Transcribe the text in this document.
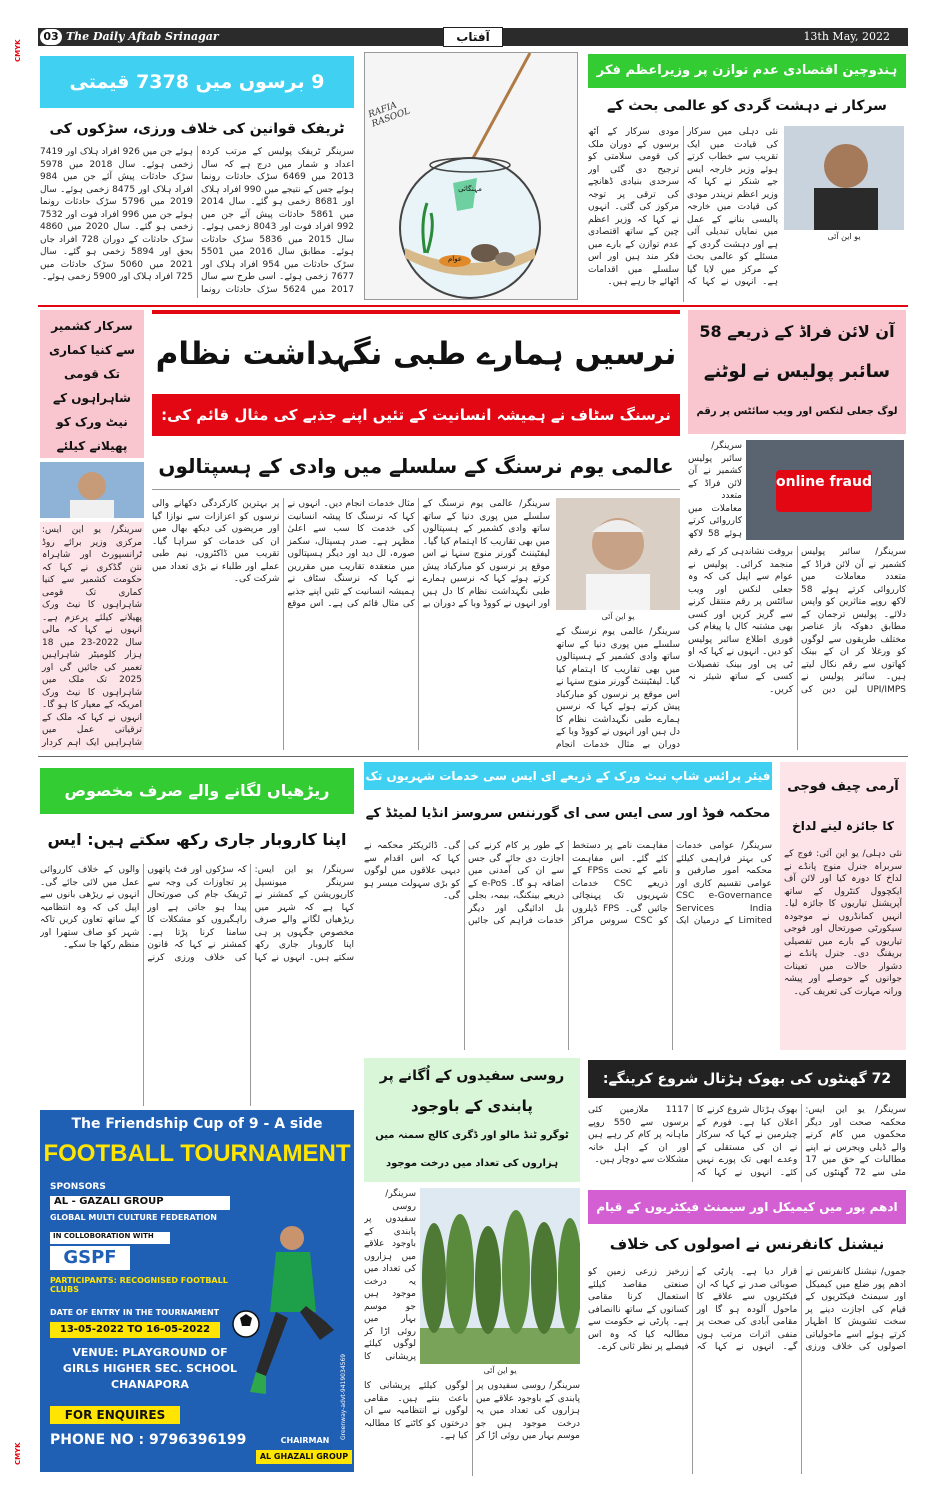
03 The Daily Aftab Srinagar	آفتاب	13th May, 2022
CMYK
CMYK
9 برسوں میں 7378 قیمتی
ٹریفک قوانین کی خلاف ورزی، سڑکوں کی
سرینگر ٹریفک پولیس کے مرتب کردہ اعداد و شمار میں درج ہے کہ سال 2013 میں 6469 سڑک حادثات رونما ہوئے جس کے نتیجے میں 990 افراد ہلاک اور 8681 زخمی ہو گئے۔ سال 2014 میں 5861 حادثات پیش آئے جن میں 992 افراد فوت اور 8043 زخمی ہوئے۔ سال 2015 میں 5836 سڑک حادثات ہوئے۔ مطابق سال 2016 میں 5501 سڑک حادثات میں 954 افراد ہلاک اور 7677 زخمی ہوئے۔ اسی طرح سے سال 2017 میں 5624 سڑک حادثات رونما ہوئے جن میں 926 افراد ہلاک اور 7419 زخمی ہوئے۔ سال 2018 میں 5978 سڑک حادثات پیش آئے جن میں 984 افراد ہلاک اور 8475 زخمی ہوئے۔ سال 2019 میں 5796 سڑک حادثات رونما ہوئے جن میں 996 افراد فوت اور 7532 زخمی ہو گئے۔ سال 2020 میں 4860 سڑک حادثات کے دوران 728 افراد جاں بحق اور 5894 زخمی ہو گئے۔ سال 2021 میں 5060 سڑک حادثات میں 725 افراد ہلاک اور 5900 زخمی ہوئے۔
RAFIA RASOOL
مہنگائی
عوام
ہندوچین اقتصادی عدم توازن پر وزیراعظم فکر
سرکار نے دہشت گردی کو عالمی بحث کے
نئی دہلی میں سرکار کی قیادت میں ایک تقریب سے خطاب کرتے ہوئے وزیر خارجہ ایس جے شنکر نے کہا کہ وزیر اعظم نریندر مودی کی قیادت میں خارجہ پالیسی بنانے کے عمل میں نمایاں تبدیلی آئی ہے اور دہشت گردی کے مسئلے کو عالمی بحث کے مرکز میں لایا گیا ہے۔ انہوں نے کہا کہ مودی سرکار کے آٹھ برسوں کے دوران ملک کی قومی سلامتی کو ترجیح دی گئی اور سرحدی بنیادی ڈھانچے کی ترقی پر توجہ مرکوز کی گئی۔ انہوں نے کہا کہ وزیر اعظم چین کے ساتھ اقتصادی عدم توازن کے بارے میں فکر مند ہیں اور اس سلسلے میں اقدامات اٹھائے جا رہے ہیں۔
یو این آئی
سرکار کشمیر سے کنیا کماری تک قومی شاہراہوں کے نیٹ ورک کو پھیلانے کیلئے
سرینگر/ یو این ایس: مرکزی وزیر برائے روڈ ٹرانسپورٹ اور شاہراہ نتن گڈکری نے کہا کہ حکومت کشمیر سے کنیا کماری تک قومی شاہراہوں کا نیٹ ورک پھیلانے کیلئے پرعزم ہے۔ انہوں نے کہا کہ مالی سال 2022-23 میں 18 ہزار کلومیٹر شاہراہیں تعمیر کی جائیں گی اور 2025 تک ملک میں شاہراہوں کا نیٹ ورک امریکہ کے معیار کا ہو گا۔ انہوں نے کہا کہ ملک کے ترقیاتی عمل میں شاہراہیں ایک اہم کردار
نرسیں ہمارے طبی نگہداشت نظام
نرسنگ سٹاف نے ہمیشہ انسانیت کے تئیں اپنے جذبے کی مثال قائم کی:
عالمی یوم نرسنگ کے سلسلے میں وادی کے ہسپتالوں
سرینگر/ عالمی یوم نرسنگ کے سلسلے میں پوری دنیا کے ساتھ ساتھ وادی کشمیر کے ہسپتالوں میں بھی تقاریب کا اہتمام کیا گیا۔ لیفٹیننٹ گورنر منوج سنہا نے اس موقع پر نرسوں کو مبارکباد پیش کرتے ہوئے کہا کہ نرسیں ہمارے طبی نگہداشت نظام کا دل ہیں اور انہوں نے کووڈ وبا کے دوران بے مثال خدمات انجام دیں۔ انہوں نے کہا کہ نرسنگ کا پیشہ انسانیت کی خدمت کا سب سے اعلیٰ مظہر ہے۔ صدر ہسپتال، سکمز صورہ، لل دید اور دیگر ہسپتالوں میں منعقدہ تقاریب میں مقررین نے کہا کہ نرسنگ سٹاف نے ہمیشہ انسانیت کے تئیں اپنے جذبے کی مثال قائم کی ہے۔ اس موقع پر بہترین کارکردگی دکھانے والی نرسوں کو اعزازات سے نوازا گیا اور مریضوں کی دیکھ بھال میں ان کی خدمات کو سراہا گیا۔ تقریب میں ڈاکٹروں، نیم طبی عملے اور طلباء نے بڑی تعداد میں شرکت کی۔
یو این آئی
سرینگر/ عالمی یوم نرسنگ کے سلسلے میں پوری دنیا کے ساتھ ساتھ وادی کشمیر کے ہسپتالوں میں بھی تقاریب کا اہتمام کیا گیا۔ لیفٹیننٹ گورنر منوج سنہا نے اس موقع پر نرسوں کو مبارکباد پیش کرتے ہوئے کہا کہ نرسیں ہمارے طبی نگہداشت نظام کا دل ہیں اور انہوں نے کووڈ وبا کے دوران بے مثال خدمات انجام
آن لائن فراڈ کے ذریعے 58
سائبر پولیس نے لوٹنے
لوگ جعلی لنکس اور ویب سائٹس پر رقم
online fraud
سرینگر/ سائبر پولیس کشمیر نے آن لائن فراڈ کے متعدد معاملات میں کارروائی کرتے ہوئے 58 لاکھ
سرینگر/ سائبر پولیس کشمیر نے آن لائن فراڈ کے متعدد معاملات میں کارروائی کرتے ہوئے 58 لاکھ روپے متاثرین کو واپس دلائے۔ پولیس ترجمان کے مطابق دھوکہ باز عناصر مختلف طریقوں سے لوگوں کو ورغلا کر ان کے بینک کھاتوں سے رقم نکال لیتے ہیں۔ سائبر پولیس نے UPI/IMPS لین دین کی بروقت نشاندہی کر کے رقم منجمد کرائی۔ پولیس نے عوام سے اپیل کی کہ وہ جعلی لنکس اور ویب سائٹس پر رقم منتقل کرنے سے گریز کریں اور کسی بھی مشتبہ کال یا پیغام کی فوری اطلاع سائبر پولیس کو دیں۔ انہوں نے کہا کہ او ٹی پی اور بینک تفصیلات کسی کے ساتھ شیئر نہ کریں۔
ریڑھیاں لگانے والے صرف مخصوص
اپنا کاروبار جاری رکھ سکتے ہیں: ایس
سرینگر/ یو این ایس: سرینگر میونسپل کارپوریشن کے کمشنر نے کہا ہے کہ شہر میں ریڑھیاں لگانے والے صرف مخصوص جگہوں پر ہی اپنا کاروبار جاری رکھ سکتے ہیں۔ انہوں نے کہا کہ سڑکوں اور فٹ پاتھوں پر تجاوزات کی وجہ سے ٹریفک جام کی صورتحال پیدا ہو جاتی ہے اور راہگیروں کو مشکلات کا سامنا کرنا پڑتا ہے۔ کمشنر نے کہا کہ قانون کی خلاف ورزی کرنے والوں کے خلاف کارروائی عمل میں لائی جائے گی۔ انہوں نے ریڑھی بانوں سے اپیل کی کہ وہ انتظامیہ کے ساتھ تعاون کریں تاکہ شہر کو صاف ستھرا اور منظم رکھا جا سکے۔
فیئر پرائس شاپ نیٹ ورک کے ذریعے ای ایس سی خدمات شہریوں تک
محکمہ فوڈ اور سی ایس سی ای گورننس سروسز انڈیا لمیٹڈ کے
سرینگر/ عوامی خدمات کی بہتر فراہمی کیلئے محکمہ امور صارفین و عوامی تقسیم کاری اور CSC e-Governance Services India Limited کے درمیان ایک مفاہمت نامے پر دستخط کئے گئے۔ اس مفاہمت نامے کے تحت FPSs کے ذریعے CSC خدمات شہریوں تک پہنچائی جائیں گی۔ FPS ڈیلروں کو CSC سروس مراکز کے طور پر کام کرنے کی اجازت دی جائے گی جس سے ان کی آمدنی میں اضافہ ہو گا۔ e-PoS کے ذریعے بینکنگ، بیمہ، بجلی بل ادائیگی اور دیگر خدمات فراہم کی جائیں گی۔ ڈائریکٹر محکمہ نے کہا کہ اس اقدام سے دیہی علاقوں میں لوگوں کو بڑی سہولت میسر ہو گی۔
آرمی چیف فوجی
کا جائزہ لینے لداخ
نئی دہلی/ یو این آئی: فوج کے سربراہ جنرل منوج پانڈے نے لداخ کا دورہ کیا اور لائن آف ایکچوول کنٹرول کے ساتھ آپریشنل تیاریوں کا جائزہ لیا۔ انہیں کمانڈروں نے موجودہ سیکورٹی صورتحال اور فوجی تیاریوں کے بارے میں تفصیلی بریفنگ دی۔ جنرل پانڈے نے دشوار حالات میں تعینات جوانوں کے حوصلے اور پیشہ ورانہ مہارت کی تعریف کی۔
The Friendship Cup of 9 - A side
FOOTBALL TOURNAMENT
SPONSORS
AL - GAZALI GROUP
GLOBAL MULTI CULTURE FEDERATION
IN COLLOBORATION WITH
GSPF
PARTICIPANTS: RECOGNISED FOOTBALL CLUBS
DATE OF ENTRY IN THE TOURNAMENT
13-05-2022 TO 16-05-2022
VENUE: PLAYGROUND OF
GIRLS HIGHER SEC. SCHOOL
CHANAPORA
FOR ENQUIRES
PHONE NO : 9796396199	CHAIRMAN
AL GHAZALI GROUP
Greenway-advt-9419034569
روسی سفیدوں کے اُگانے پر
پابندی کے باوجود
ٹوگرو ٹنڈ مالو اور ڈگری کالج سمنہ میں
ہزاروں کی تعداد میں درخت موجود
سرینگر/ روسی سفیدوں پر پابندی کے باوجود علاقے میں ہزاروں کی تعداد میں یہ درخت موجود ہیں جو موسم بہار میں روئی اڑا کر لوگوں کیلئے پریشانی کا
یو این آئی
سرینگر/ روسی سفیدوں پر پابندی کے باوجود علاقے میں ہزاروں کی تعداد میں یہ درخت موجود ہیں جو موسم بہار میں روئی اڑا کر لوگوں کیلئے پریشانی کا باعث بنتے ہیں۔ مقامی لوگوں نے انتظامیہ سے ان درختوں کو کاٹنے کا مطالبہ کیا ہے۔
72 گھنٹوں کی بھوک ہڑتال شروع کرینگے:
سرینگر/ یو این ایس: محکمہ صحت اور دیگر محکموں میں کام کرنے والے ڈیلی ویجرس نے اپنے مطالبات کے حق میں 17 مئی سے 72 گھنٹوں کی بھوک ہڑتال شروع کرنے کا اعلان کیا ہے۔ فورم کے چیئرمین نے کہا کہ سرکار نے ان کی مستقلی کے وعدے ابھی تک پورے نہیں کئے۔ انہوں نے کہا کہ 1117 ملازمین کئی برسوں سے 550 روپے ماہانہ پر کام کر رہے ہیں اور ان کے اہل خانہ مشکلات سے دوچار ہیں۔
ادھم پور میں کیمیکل اور سیمنٹ فیکٹریوں کے قیام
نیشنل کانفرنس نے اصولوں کی خلاف
جموں/ نیشنل کانفرنس نے ادھم پور ضلع میں کیمیکل اور سیمنٹ فیکٹریوں کے قیام کی اجازت دینے پر سخت تشویش کا اظہار کرتے ہوئے اسے ماحولیاتی اصولوں کی خلاف ورزی قرار دیا ہے۔ پارٹی کے صوبائی صدر نے کہا کہ ان فیکٹریوں سے علاقے کا ماحول آلودہ ہو گا اور مقامی آبادی کی صحت پر منفی اثرات مرتب ہوں گے۔ انہوں نے کہا کہ زرخیز زرعی زمین کو صنعتی مقاصد کیلئے استعمال کرنا مقامی کسانوں کے ساتھ ناانصافی ہے۔ پارٹی نے حکومت سے مطالبہ کیا کہ وہ اس فیصلے پر نظر ثانی کرے۔
